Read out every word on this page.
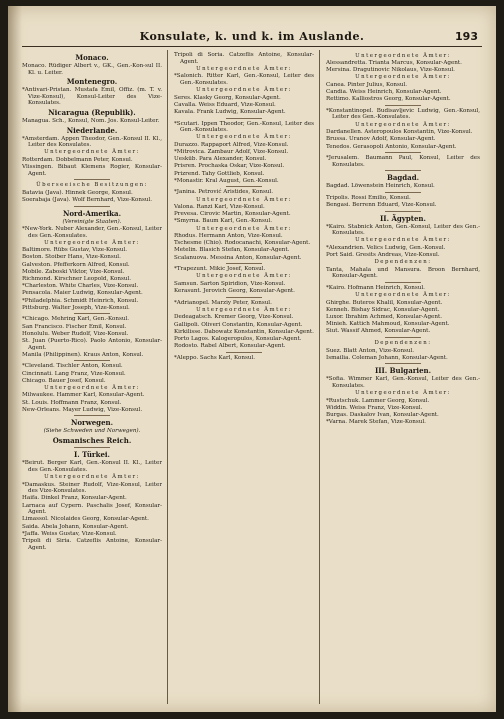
Konsulate, k. und k. im Auslande.	193
Monaco.
Monaco. Rüdiger Albert v., GK., Gen.-Kon-sul II. Kl. u. Leiter.
Montenegro.
*Antivari-Pristan. Mustafa Emil, Offiz. (m. T. v. Vize-Konsul), Konsul-Leiter des Vize-Konsulates.
Nicaragua (Republik).
Managua. Sch., Konsul, Nom. Jos. Konsul-Leiter.
Niederlande.
*Amsterdam. Appen Theodor, Gen.-Konsul II. Kl., Leiter des Konsulates.
Untergeordnete Ämter:
Rotterdam. Dobbelmann Peter, Konsul.
Vlissingen. Bibaut Klemens Rogier, Konsular-Agent.
Überseeische Besitzungen:
Batavia (Java). Hinnek George, Konsul.
Soerabaja (Java). Wolf Bernhard, Vize-Konsul.
Nord-Amerika.
(Vereinigte Staaten).
*New-York. Nuber Alexander, Gen.-Konsul, Leiter des Gen.-Konsulates.
Untergeordnete Ämter:
Baltimore. Rübs Gustav, Vize-Konsul.
Boston. Stoiber Hans, Vize-Konsul.
Galveston. Pfefferkorn Alfred, Konsul.
Mobile. Zaboski Viktor, Vize-Konsul.
Richmond. Kirschner Leopold, Konsul.
*Charleston. White Charles, Vize-Konsul.
Pensacola. Maier Ludwig, Konsular-Agent.
*Philadelphia. Schmidt Heinrich, Konsul.
Pittsburg. Walter Joseph, Vize-Konsul.
*Chicago. Mehring Karl, Gen.-Konsul.
San Francisco. Fischer Emil, Konsul.
Honolulu. Weber Rudolf, Vize-Konsul.
St. Juan (Puerto-Rico). Paolo Antonio, Konsular-Agent.
Manila (Philippinen). Kraus Anton, Konsul.
*Cleveland. Tischler Anton, Konsul.
Cincinnati. Lang Franz, Vize-Konsul.
Chicago. Bauer Josef, Konsul.
Untergeordnete Ämter:
Milwaukee. Hammer Karl, Konsular-Agent.
St. Louis. Hoffmann Franz, Konsul.
New-Orleans. Mayer Ludwig, Vize-Konsul.
Norwegen.
(Siehe Schweden und Norwegen).
Osmanisches Reich.
I. Türkei.
*Beirut. Berger Karl, Gen.-Konsul II. Kl., Leiter des Gen.-Konsulates.
Untergeordnete Ämter:
*Damaskus. Steiner Rudolf, Vize-Konsul, Leiter des Vize-Konsulates.
Haifa. Dinkel Franz, Konsular-Agent.
Larnaca auf Cypern. Paschalis Josef, Konsular-Agent.
Limassol. Nicolaides Georg, Konsular-Agent.
Saida. Abela Johann, Konsular-Agent.
*Jaffa. Weiss Gustav, Vize-Konsul.
Tripoli di Siria. Catzeflis Antoine, Konsular-Agent.
Tripoli di Soria. Catzeflis Antoine, Konsular-Agent.
Untergeordnete Ämter:
*Salonich. Ritter Karl, Gen.-Konsul, Leiter des Gen.-Konsulates.
Untergeordnete Ämter:
Seres. Klasky Georg, Konsular-Agent.
Cavalla. Weiss Eduard, Vize-Konsul.
Kavala. Frank Ludwig, Konsular-Agent.
*Scutari. Ippen Theodor, Gen.-Konsul, Leiter des Gen.-Konsulates.
Untergeordnete Ämter:
Durazzo. Rappaport Alfred, Vize-Konsul.
*Mitrovica. Zambaur Adolf, Vize-Konsul.
Uesküb. Para Alexander, Konsul.
Prisren. Prochaska Oskar, Vize-Konsul.
Prizrend. Tahy Gottlieb, Konsul.
*Monastir. Kral August, Gen.-Konsul.
*Janina. Petrović Aristides, Konsul.
Untergeordnete Ämter:
Valona. Ranzi Karl, Vize-Konsul.
Prevesa. Cirovic Martin, Konsular-Agent.
*Smyrna. Baum Karl, Gen.-Konsul.
Untergeordnete Ämter:
Rhodus. Hermann Anton, Vize-Konsul.
Tschesme (Chio). Rodocanachi, Konsular-Agent.
Metelin. Blasich Stefan, Konsular-Agent.
Scalanuova. Messina Anton, Konsular-Agent.
*Trapezunt. Mikic Josef, Konsul.
Untergeordnete Ämter:
Samsun. Sarton Spiridion, Vize-Konsul.
Kerasunt. Jerovich Georg, Konsular-Agent.
*Adrianopel. Marziy Peter, Konsul.
Untergeordnete Ämter:
Dedeagatsch. Kremer Georg, Vize-Konsul.
Gallipoli. Oliveri Constantin, Konsular-Agent.
Kirkilisse. Dabowatz Konstantin, Konsular-Agent.
Porto Lagos. Kalogeropulos, Konsular-Agent.
Rodosto. Rabel Albert, Konsular-Agent.
*Aleppo. Sachs Karl, Konsul.
Untergeordnete Ämter:
Alessandretta. Trianta Marcus, Konsular-Agent.
Mersina. Dragutinovic Nikolaus, Vize-Konsul.
Untergeordnete Ämter:
Canea. Pinter Julius, Konsul.
Candia. Weiss Heinrich, Konsular-Agent.
Rettimo. Kalliostros Georg, Konsular-Agent.
*Konstantinopel. Budisavljevic Ludwig, Gen.-Konsul, Leiter des Gen.-Konsulates.
Untergeordnete Ämter:
Dardanellen. Asteropoulos Konstantin, Vize-Konsul.
Brussa. Uranov Adolf, Konsular-Agent.
Tenedos. Gerasopoli Antonio, Konsular-Agent.
*Jerusalem. Baumann Paul, Konsul, Leiter des Konsulates.
Bagdad.
Bagdad. Löwenstein Heinrich, Konsul.
Tripolis. Rossi Emilio, Konsul.
Bengasi. Berrenn Eduard, Vize-Konsul.
II. Ägypten.
*Kairo. Stabnick Anton, Gen.-Konsul, Leiter des Gen.-Konsulates.
Untergeordnete Ämter:
*Alexandrien. Velics Ludwig, Gen.-Konsul.
Port Said. Gresits Andreas, Vize-Konsul.
Dependenzen:
Tanta, Mahala und Mansura. Broon Bernhard, Konsular-Agent.
*Kairo. Hofmann Heinrich, Konsul.
Untergeordnete Ämter:
Ghirghe. Buteros Khalil, Konsular-Agent.
Kenneh. Bishay Sidrac, Konsular-Agent.
Luxor. Ibrahim Achmed, Konsular-Agent.
Minieh. Kattich Mahmoud, Konsular-Agent.
Siut. Wassif Ahmed, Konsular-Agent.
Dependenzen:
Suez. Blatt Anton, Vize-Konsul.
Ismailia. Coleman Johann, Konsular-Agent.
III. Bulgarien.
*Sofia. Wimmer Karl, Gen.-Konsul, Leiter des Gen.-Konsulates.
Untergeordnete Ämter:
*Rustschuk. Lammer Georg, Konsul.
Widdin. Weiss Franz, Vize-Konsul.
Burgas. Daskalov Ivan, Konsular-Agent.
*Varna. Marek Stefan, Vize-Konsul.
